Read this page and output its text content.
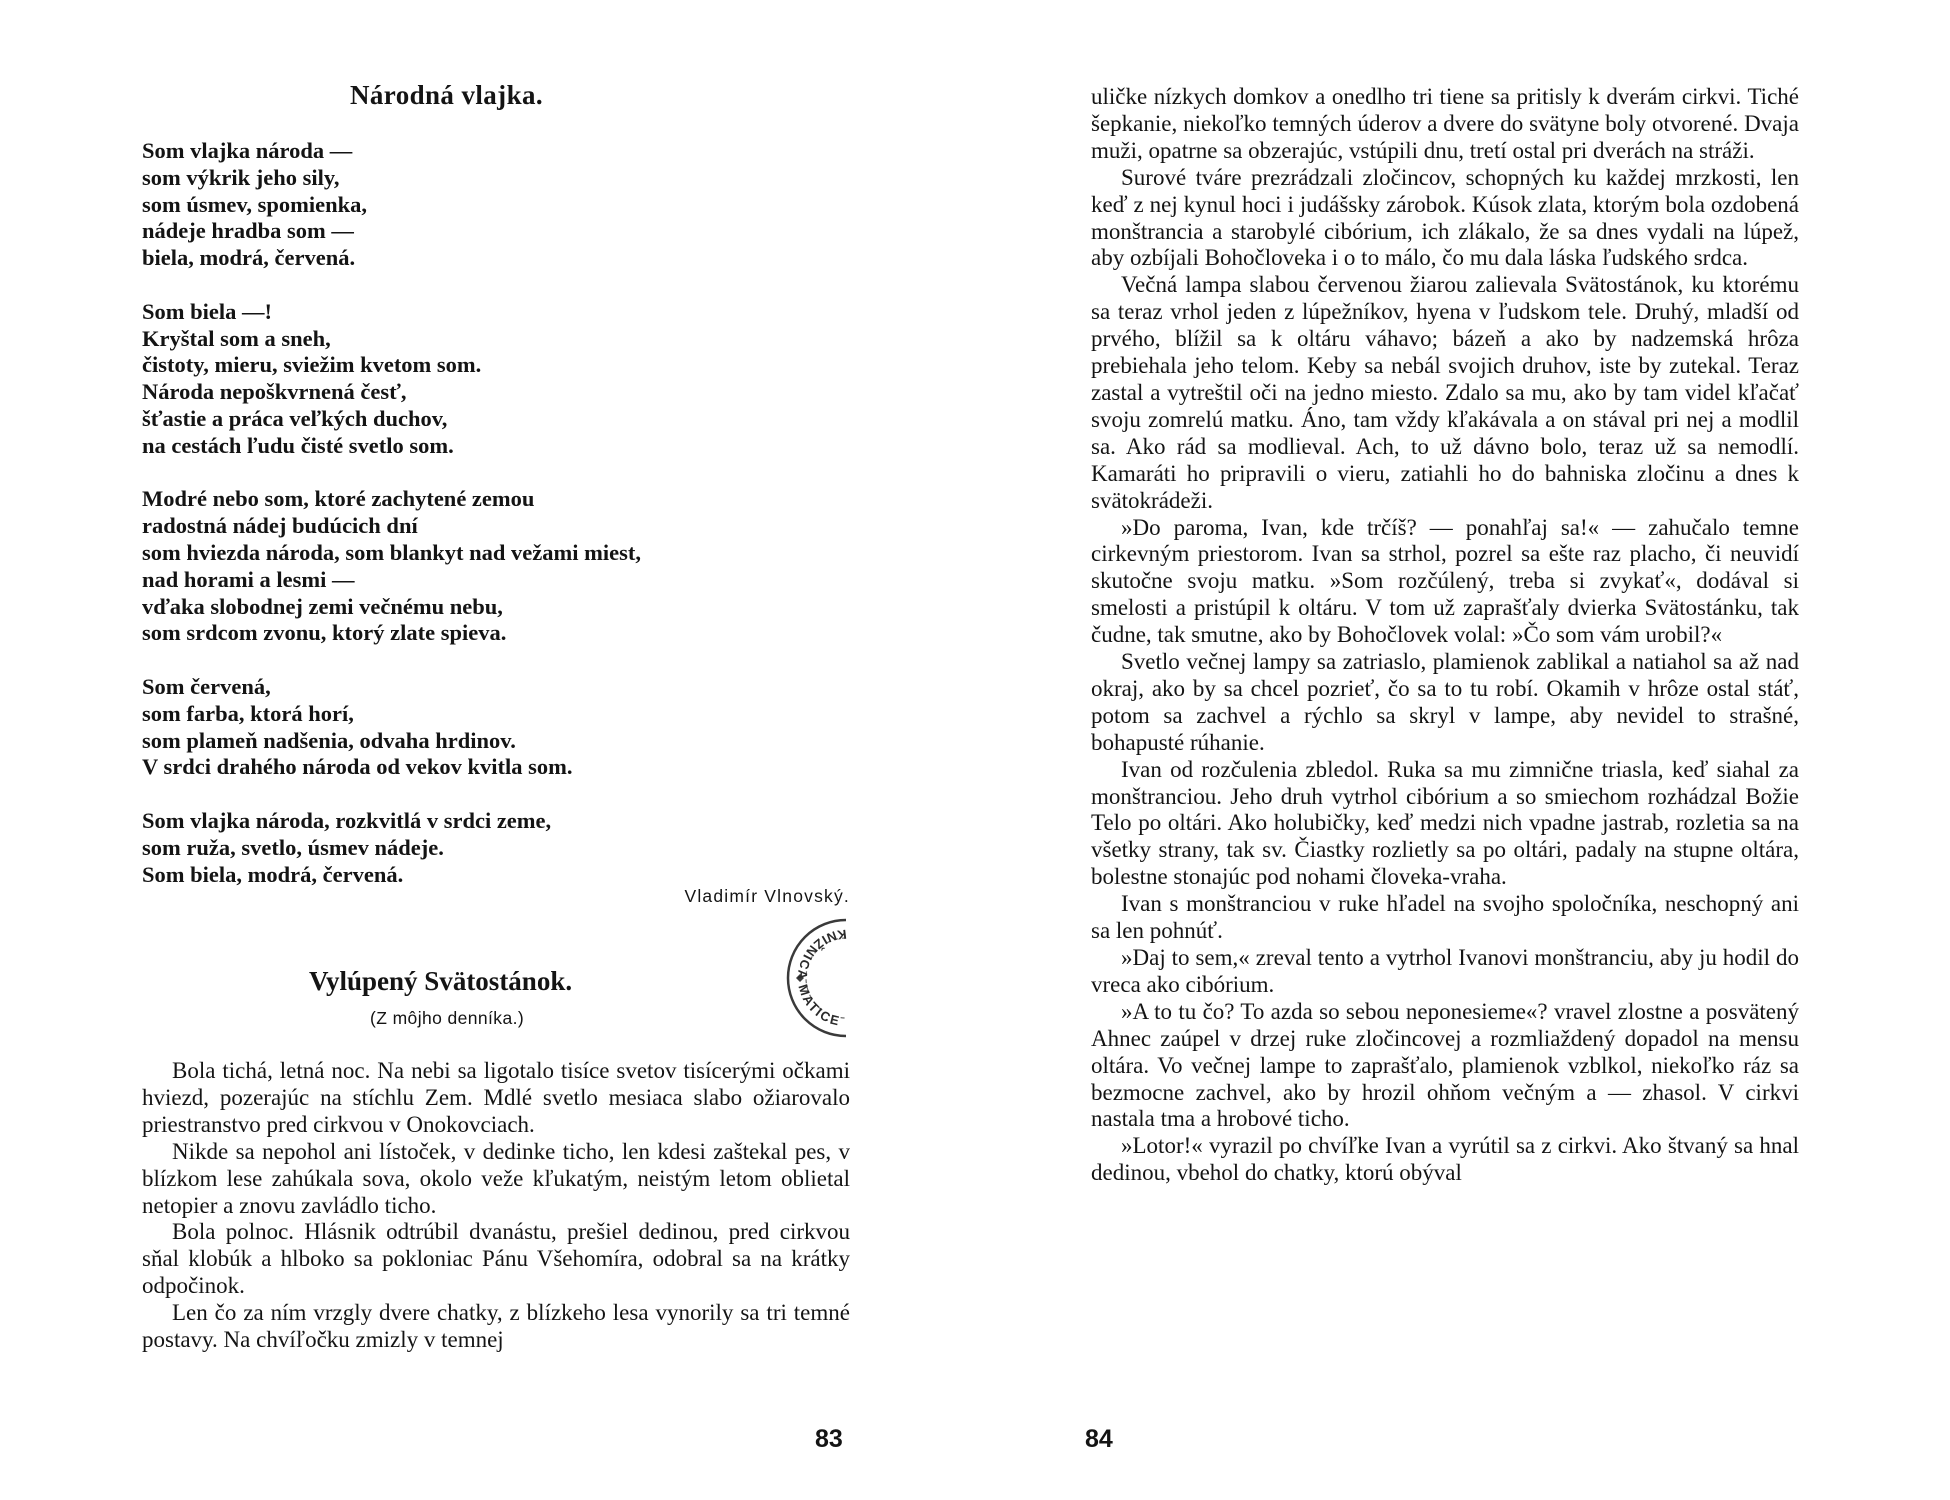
Národná vlajka.
Som vlajka národa —
som výkrik jeho sily,
som úsmev, spomienka,
nádeje hradba som —
biela, modrá, červená.
Som biela —!
Kryštal som a sneh,
čistoty, mieru, sviežim kvetom som.
Národa nepoškvrnená česť,
šťastie a práca veľkých duchov,
na cestách ľudu čisté svetlo som.
Modré nebo som, ktoré zachytené zemou
radostná nádej budúcich dní
som hviezda národa, som blankyt nad vežami miest,
nad horami a lesmi —
vďaka slobodnej zemi večnému nebu,
som srdcom zvonu, ktorý zlate spieva.
Som červená,
som farba, ktorá horí,
som plameň nadšenia, odvaha hrdinov.
V srdci drahého národa od vekov kvitla som.
Som vlajka národa, rozkvitlá v srdci zeme,
som ruža, svetlo, úsmev nádeje.
Som biela, modrá, červená.

Vladimír Vlnovský.

KNIŽNICA MATICE
Vylúpený Svätostánok.

(Z môjho denníka.)

Bola tichá, letná noc. Na nebi sa ligotalo tisíce svetov tisícerými očkami hviezd, pozerajúc na stíchlu Zem. Mdlé svetlo mesiaca slabo ožiarovalo priestranstvo pred cirkvou v Onokovciach.

Nikde sa nepohol ani lístoček, v dedinke ticho, len kdesi zaštekal pes, v blízkom lese zahúkala sova, okolo veže kľukatým, neistým letom oblietal netopier a znovu zavládlo ticho.

Bola polnoc. Hlásnik odtrúbil dvanástu, prešiel dedinou, pred cirkvou sňal klobúk a hlboko sa pokloniac Pánu Všehomíra, odobral sa na krátky odpočinok.

Len čo za ním vrzgly dvere chatky, z blízkeho lesa vynorily sa tri temné postavy. Na chvíľočku zmizly v temnej

83

uličke nízkych domkov a onedlho tri tiene sa pritisly k dverám cirkvi. Tiché šepkanie, niekoľko temných úderov a dvere do svätyne boly otvorené. Dvaja muži, opatrne sa obzerajúc, vstúpili dnu, tretí ostal pri dverách na stráži.

Surové tváre prezrádzali zločincov, schopných ku každej mrzkosti, len keď z nej kynul hoci i judášsky zárobok. Kúsok zlata, ktorým bola ozdobená monštrancia a starobylé cibórium, ich zlákalo, že sa dnes vydali na lúpež, aby ozbíjali Bohočloveka i o to málo, čo mu dala láska ľudského srdca.

Večná lampa slabou červenou žiarou zalievala Svätostánok, ku ktorému sa teraz vrhol jeden z lúpežníkov, hyena v ľudskom tele. Druhý, mladší od prvého, blížil sa k oltáru váhavo; bázeň a ako by nadzemská hrôza prebiehala jeho telom. Keby sa nebál svojich druhov, iste by zutekal. Teraz zastal a vytreštil oči na jedno miesto. Zdalo sa mu, ako by tam videl kľačať svoju zomrelú matku. Áno, tam vždy kľakávala a on stával pri nej a modlil sa. Ako rád sa modlieval. Ach, to už dávno bolo, teraz už sa nemodlí. Kamaráti ho pripravili o vieru, zatiahli ho do bahniska zločinu a dnes k svätokrádeži.

»Do paroma, Ivan, kde trčíš? — ponahľaj sa!« — zahučalo temne cirkevným priestorom. Ivan sa strhol, pozrel sa ešte raz placho, či neuvidí skutočne svoju matku. »Som rozčúlený, treba si zvykať«, dodával si smelosti a pristúpil k oltáru. V tom už zaprašťaly dvierka Svätostánku, tak čudne, tak smutne, ako by Bohočlovek volal: »Čo som vám urobil?«

Svetlo večnej lampy sa zatriaslo, plamienok zablikal a natiahol sa až nad okraj, ako by sa chcel pozrieť, čo sa to tu robí. Okamih v hrôze ostal stáť, potom sa zachvel a rýchlo sa skryl v lampe, aby nevidel to strašné, bohapusté rúhanie.

Ivan od rozčulenia zbledol. Ruka sa mu zimnične triasla, keď siahal za monštranciou. Jeho druh vytrhol cibórium a so smiechom rozhádzal Božie Telo po oltári. Ako holubičky, keď medzi nich vpadne jastrab, rozletia sa na všetky strany, tak sv. Čiastky rozlietly sa po oltári, padaly na stupne oltára, bolestne stonajúc pod nohami človeka-vraha.

Ivan s monštranciou v ruke hľadel na svojho spoločníka, neschopný ani sa len pohnúť.

»Daj to sem,« zreval tento a vytrhol Ivanovi monštranciu, aby ju hodil do vreca ako cibórium.

»A to tu čo? To azda so sebou neponesieme«? vravel zlostne a posvätený Ahnec zaúpel v drzej ruke zločincovej a rozmliaždený dopadol na mensu oltára. Vo večnej lampe to zaprašťalo, plamienok vzblkol, niekoľko ráz sa bezmocne zachvel, ako by hrozil ohňom večným a — zhasol. V cirkvi nastala tma a hrobové ticho.

»Lotor!« vyrazil po chvíľke Ivan a vyrútil sa z cirkvi. Ako štvaný sa hnal dedinou, vbehol do chatky, ktorú obýval

84
